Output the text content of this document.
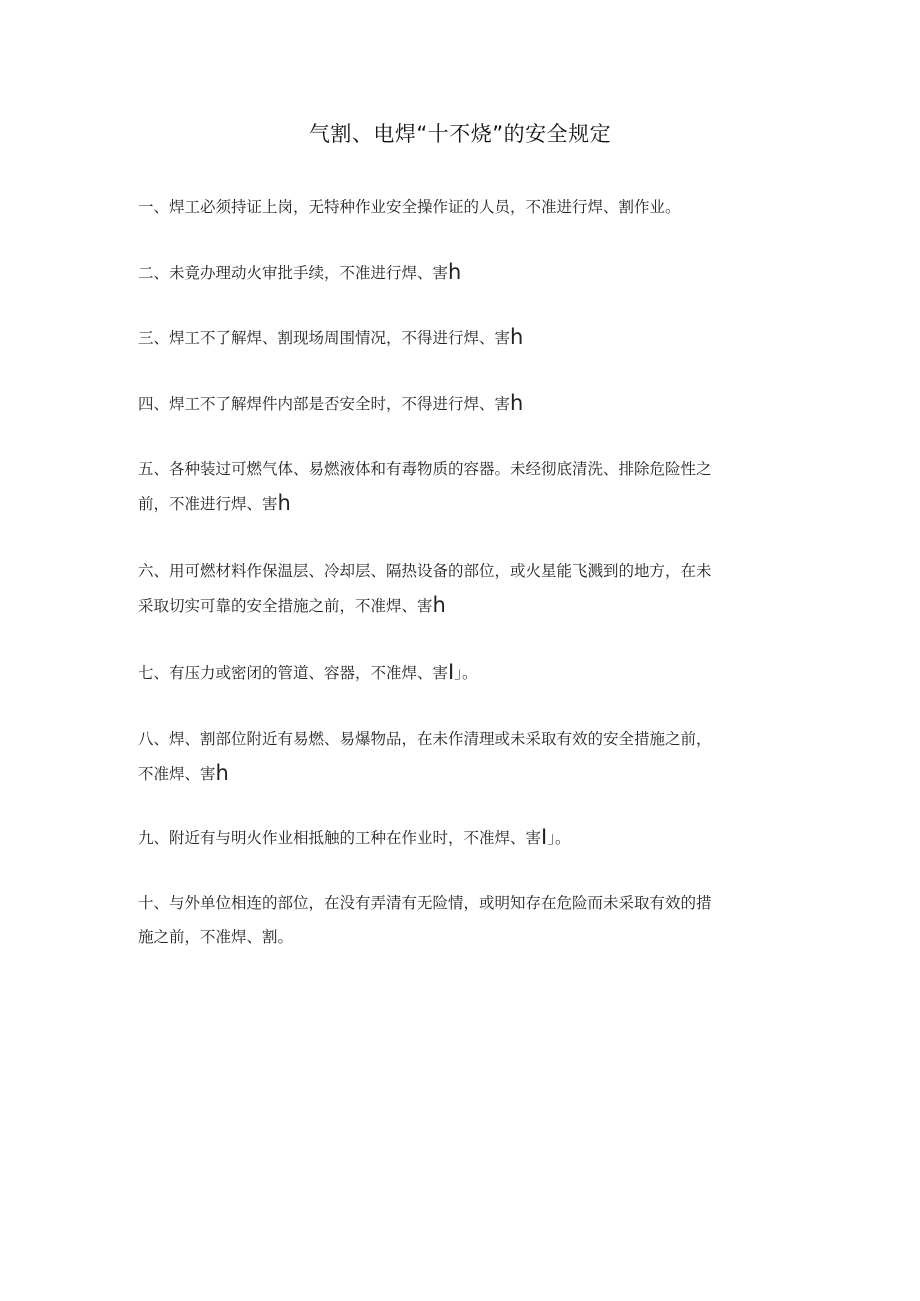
气割、电焊“十不烧”的安全规定
一、焊工必须持证上岗，无特种作业安全操作证的人员，不准进行焊、割作业。
二、未竟办理动火审批手续，不准进行焊、害h
三、焊工不了解焊、割现场周围情况，不得进行焊、害h
四、焊工不了解焊件内部是否安全时，不得进行焊、害h
五、各种装过可燃气体、易燃液体和有毒物质的容器。未经彻底清洗、排除危险性之
前，不准进行焊、害h
六、用可燃材料作保温层、冷却层、隔热设备的部位，或火星能飞溅到的地方，在未
采取切实可靠的安全措施之前，不准焊、害h
七、有压力或密闭的管道、容器，不准焊、害I」。
八、焊、割部位附近有易燃、易爆物品，在未作清理或未采取有效的安全措施之前，
不准焊、害h
九、附近有与明火作业相抵触的工种在作业时，不准焊、害I」。
十、与外单位相连的部位，在没有弄清有无险情，或明知存在危险而未采取有效的措
施之前，不准焊、割。
